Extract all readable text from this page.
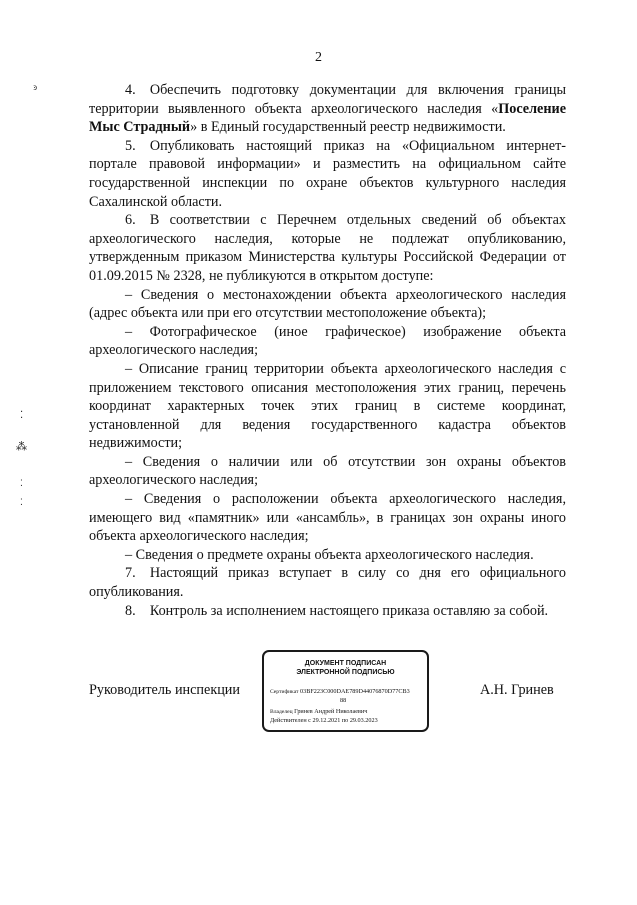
2

4. Обеспечить подготовку документации для включения границы территории выявленного объекта археологического наследия «Поселение Мыс Страдный» в Единый государственный реестр недвижимости.

5. Опубликовать настоящий приказ на «Официальном интернет-портале правовой информации» и разместить на официальном сайте государственной инспекции по охране объектов культурного наследия Сахалинской области.

6. В соответствии с Перечнем отдельных сведений об объектах археологического наследия, которые не подлежат опубликованию, утвержденным приказом Министерства культуры Российской Федерации от 01.09.2015 № 2328, не публикуются в открытом доступе:

– Сведения о местонахождении объекта археологического наследия (адрес объекта или при его отсутствии местоположение объекта);

– Фотографическое (иное графическое) изображение объекта археологического наследия;

– Описание границ территории объекта археологического наследия с приложением текстового описания местоположения этих границ, перечень координат характерных точек этих границ в системе координат, установленной для ведения государственного кадастра объектов недвижимости;

– Сведения о наличии или об отсутствии зон охраны объектов археологического наследия;

– Сведения о расположении объекта археологического наследия, имеющего вид «памятник» или «ансамбль», в границах зон охраны иного объекта археологического наследия;

– Сведения о предмете охраны объекта археологического наследия.

7. Настоящий приказ вступает в силу со дня его официального опубликования.

8. Контроль за исполнением настоящего приказа оставляю за собой.

Руководитель инспекции	А.Н. Гринев
ДОКУМЕНТ ПОДПИСАН
ЭЛЕКТРОННОЙ ПОДПИСЬЮ
Сертификат 03BF223C000DAE789D44076870D77CB3
88
Владелец Гринев Андрей Николаевич
Действителен с 29.12.2021 по 29.03.2023
ͽ
⁚
⁂
⁚
⁚
